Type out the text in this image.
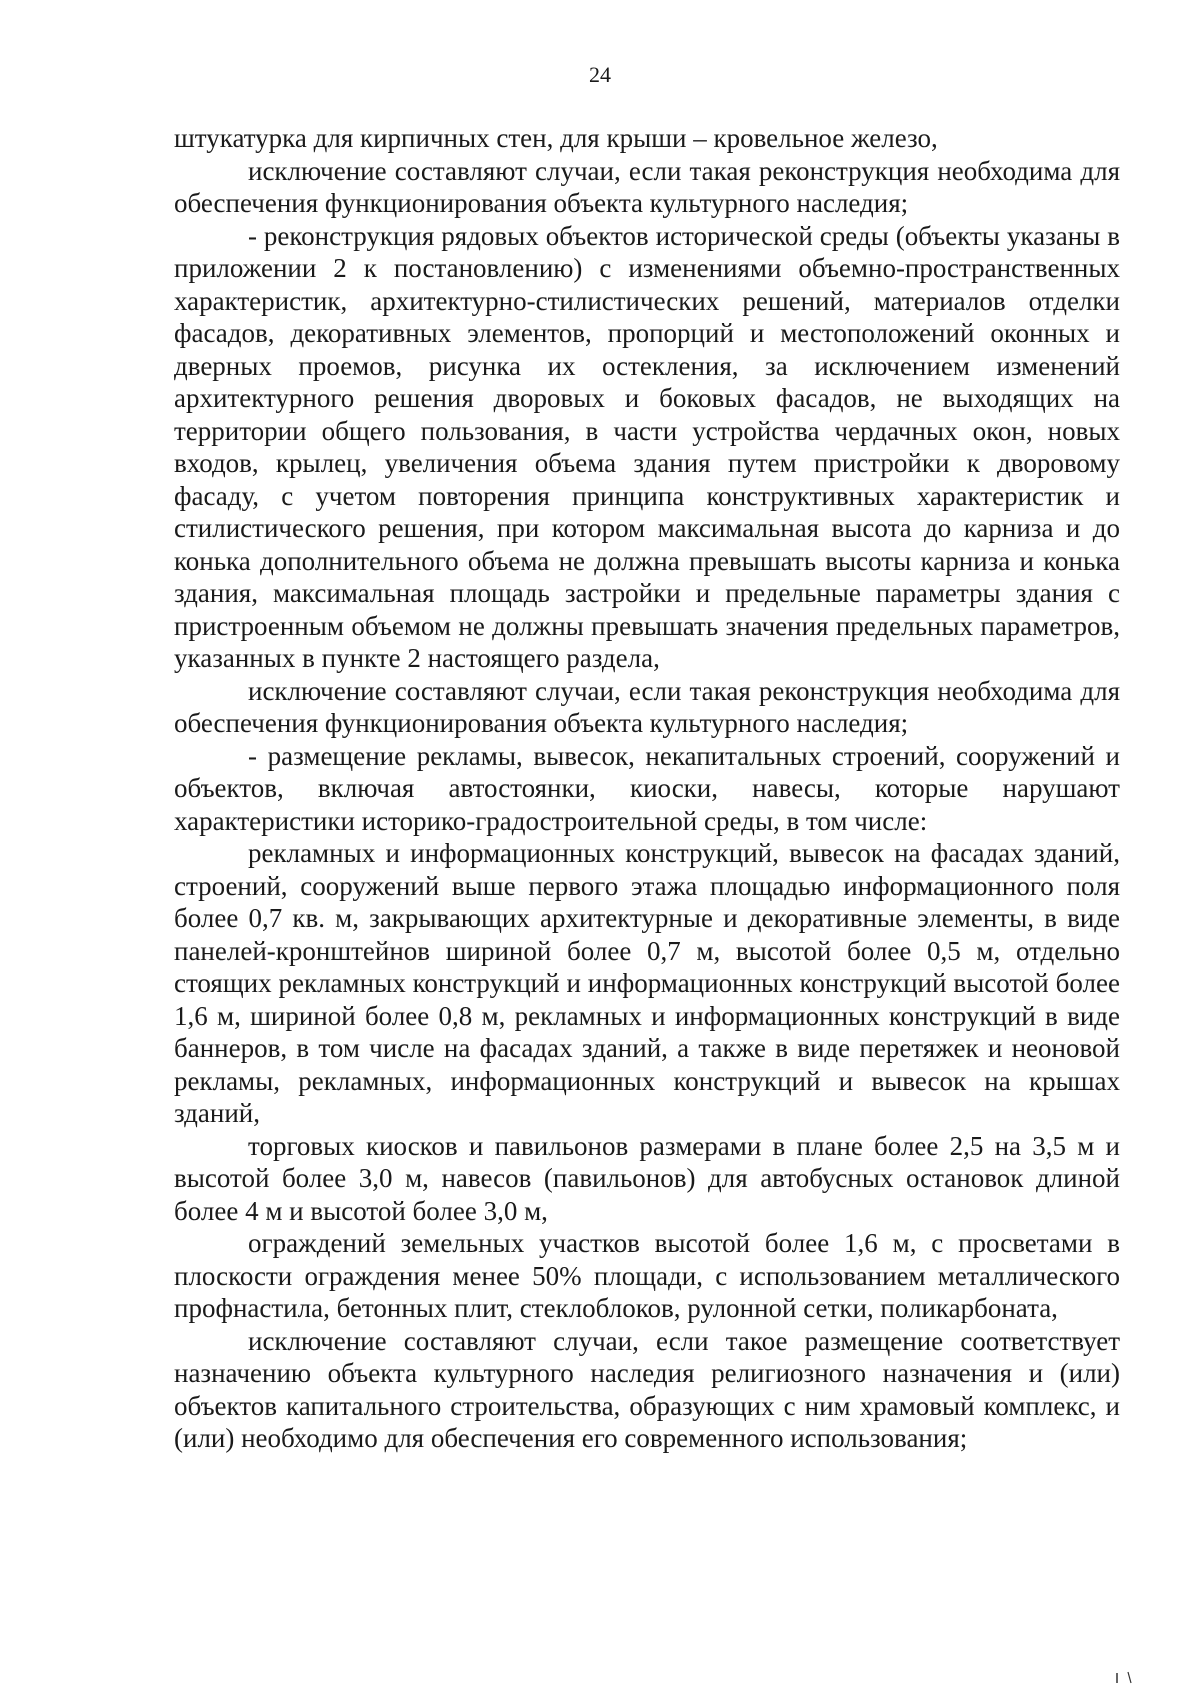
24

штукатурка для кирпичных стен, для крыши – кровельное железо,

исключение составляют случаи, если такая реконструкция необходима для обеспечения функционирования объекта культурного наследия;

- реконструкция рядовых объектов исторической среды (объекты указаны в приложении 2 к постановлению) с изменениями объемно-пространственных характеристик, архитектурно-стилистических решений, материалов отделки фасадов, декоративных элементов, пропорций и местоположений оконных и дверных проемов, рисунка их остекления, за исключением изменений архитектурного решения дворовых и боковых фасадов, не выходящих на территории общего пользования, в части устройства чердачных окон, новых входов, крылец, увеличения объема здания путем пристройки к дворовому фасаду, с учетом повторения принципа конструктивных характеристик и стилистического решения, при котором максимальная высота до карниза и до конька дополнительного объема не должна превышать высоты карниза и конька здания, максимальная площадь застройки и предельные параметры здания с пристроенным объемом не должны превышать значения предельных параметров, указанных в пункте 2 настоящего раздела,

исключение составляют случаи, если такая реконструкция необходима для обеспечения функционирования объекта культурного наследия;

- размещение рекламы, вывесок, некапитальных строений, сооружений и объектов, включая автостоянки, киоски, навесы, которые нарушают характеристики историко-градостроительной среды, в том числе:

рекламных и информационных конструкций, вывесок на фасадах зданий, строений, сооружений выше первого этажа площадью информационного поля более 0,7 кв. м, закрывающих архитектурные и декоративные элементы, в виде панелей-кронштейнов шириной более 0,7 м, высотой более 0,5 м, отдельно стоящих рекламных конструкций и информационных конструкций высотой более 1,6 м, шириной более 0,8 м, рекламных и информационных конструкций в виде баннеров, в том числе на фасадах зданий, а также в виде перетяжек и неоновой рекламы, рекламных, информационных конструкций и вывесок на крышах зданий,

торговых киосков и павильонов размерами в плане более 2,5 на 3,5 м и высотой более 3,0 м, навесов (павильонов) для автобусных остановок длиной более 4 м и высотой более 3,0 м,

ограждений земельных участков высотой более 1,6 м, с просветами в плоскости ограждения менее 50% площади, с использованием металлического профнастила, бетонных плит, стеклоблоков, рулонной сетки, поликарбоната,

исключение составляют случаи, если такое размещение соответствует назначению объекта культурного наследия религиозного назначения и (или) объектов капитального строительства, образующих с ним храмовый комплекс, и (или) необходимо для обеспечения его современного использования;
